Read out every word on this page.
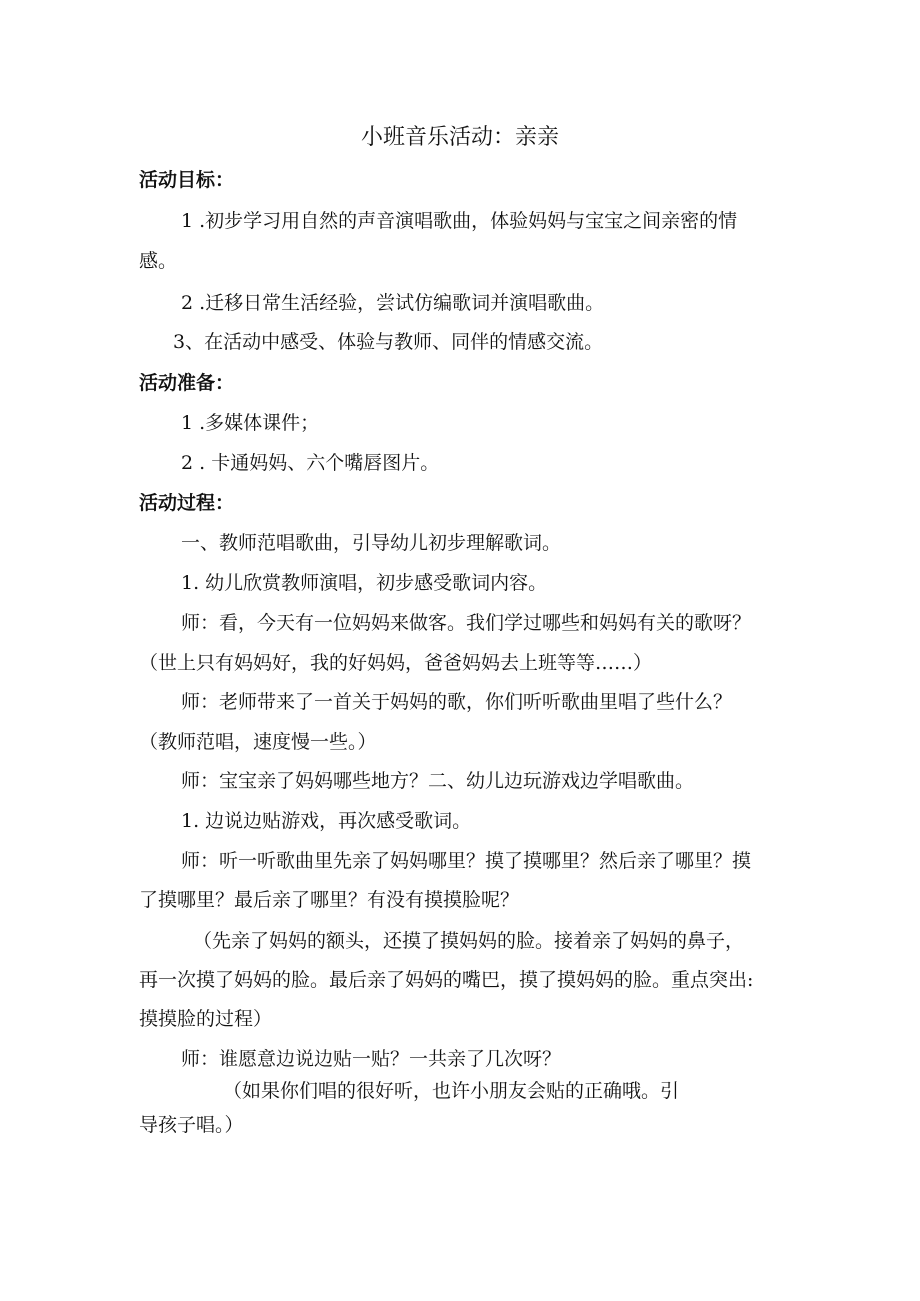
小班音乐活动：亲亲
活动目标：
1 .初步学习用自然的声音演唱歌曲，体验妈妈与宝宝之间亲密的情
感。
2 .迁移日常生活经验，尝试仿编歌词并演唱歌曲。
3、在活动中感受、体验与教师、同伴的情感交流。
活动准备：
1 .多媒体课件；
2 . 卡通妈妈、六个嘴唇图片。
活动过程：
一、教师范唱歌曲，引导幼儿初步理解歌词。
1. 幼儿欣赏教师演唱，初步感受歌词内容。
师：看，今天有一位妈妈来做客。我们学过哪些和妈妈有关的歌呀？
（世上只有妈妈好，我的好妈妈，爸爸妈妈去上班等等……）
师：老师带来了一首关于妈妈的歌，你们听听歌曲里唱了些什么？
（教师范唱，速度慢一些。）
师：宝宝亲了妈妈哪些地方？二、幼儿边玩游戏边学唱歌曲。
1. 边说边贴游戏，再次感受歌词。
师：听一听歌曲里先亲了妈妈哪里？摸了摸哪里？然后亲了哪里？摸
了摸哪里？最后亲了哪里？有没有摸摸脸呢？
（先亲了妈妈的额头，还摸了摸妈妈的脸。接着亲了妈妈的鼻子，
再一次摸了妈妈的脸。最后亲了妈妈的嘴巴，摸了摸妈妈的脸。重点突出:
摸摸脸的过程）
师：谁愿意边说边贴一贴？一共亲了几次呀？
（如果你们唱的很好听，也许小朋友会贴的正确哦。引
导孩子唱。）
